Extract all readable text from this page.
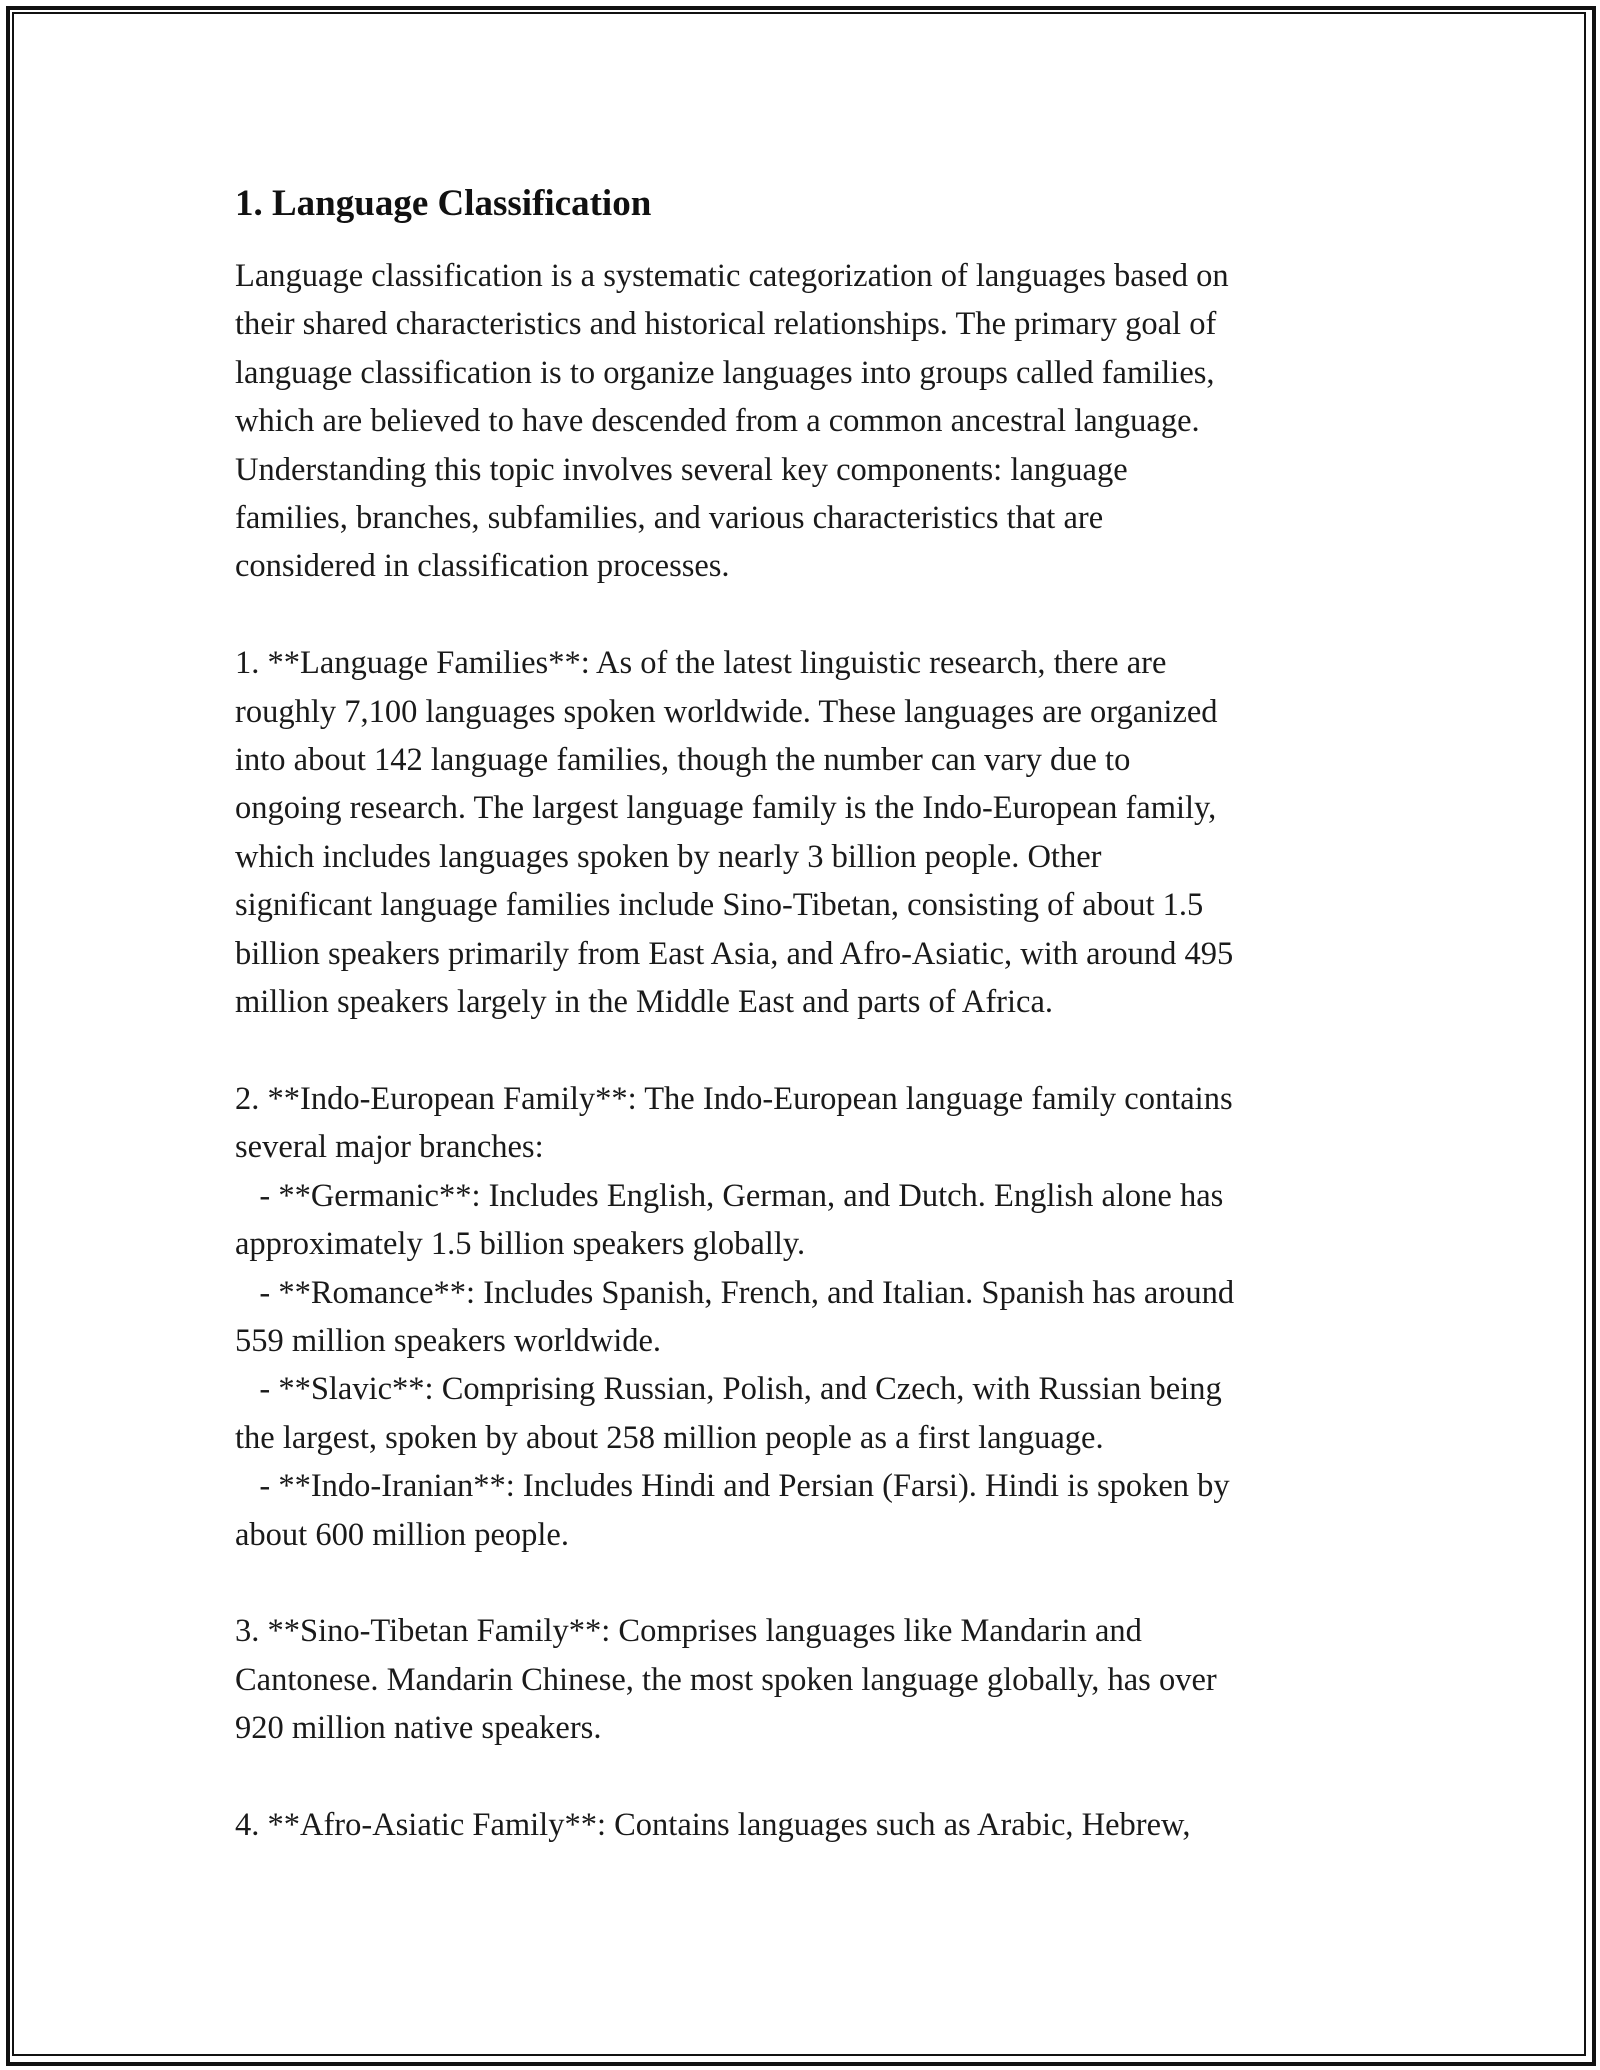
1. Language Classification

Language classification is a systematic categorization of languages based on
their shared characteristics and historical relationships. The primary goal of
language classification is to organize languages into groups called families,
which are believed to have descended from a common ancestral language.
Understanding this topic involves several key components: language
families, branches, subfamilies, and various characteristics that are
considered in classification processes.

1. **Language Families**: As of the latest linguistic research, there are
roughly 7,100 languages spoken worldwide. These languages are organized
into about 142 language families, though the number can vary due to
ongoing research. The largest language family is the Indo-European family,
which includes languages spoken by nearly 3 billion people. Other
significant language families include Sino-Tibetan, consisting of about 1.5
billion speakers primarily from East Asia, and Afro-Asiatic, with around 495
million speakers largely in the Middle East and parts of Africa.

2. **Indo-European Family**: The Indo-European language family contains
several major branches:
- **Germanic**: Includes English, German, and Dutch. English alone has
approximately 1.5 billion speakers globally.
- **Romance**: Includes Spanish, French, and Italian. Spanish has around
559 million speakers worldwide.
- **Slavic**: Comprising Russian, Polish, and Czech, with Russian being
the largest, spoken by about 258 million people as a first language.
- **Indo-Iranian**: Includes Hindi and Persian (Farsi). Hindi is spoken by
about 600 million people.

3. **Sino-Tibetan Family**: Comprises languages like Mandarin and
Cantonese. Mandarin Chinese, the most spoken language globally, has over
920 million native speakers.

4. **Afro-Asiatic Family**: Contains languages such as Arabic, Hebrew,
